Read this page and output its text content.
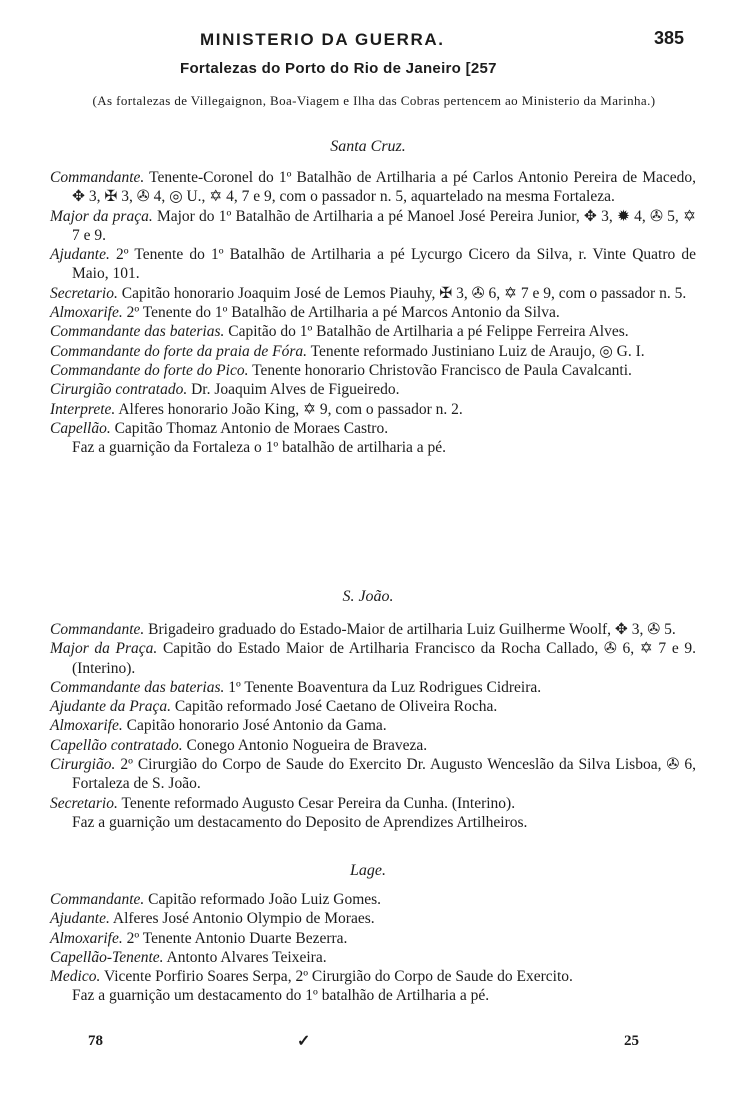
MINISTERIO DA GUERRA.	385
Fortalezas do Porto do Rio de Janeiro [257
(As fortalezas de Villegaignon, Boa-Viagem e Ilha das Cobras pertencem ao Ministerio da Marinha.)
Santa Cruz.

Commandante. Tenente-Coronel do 1º Batalhão de Artilharia a pé Carlos Antonio Pereira de Macedo, ✥ 3, ✠ 3, ✇ 4, ◎ U., ✡ 4, 7 e 9, com o passador n. 5, aquartelado na mesma Fortaleza.

Major da praça. Major do 1º Batalhão de Artilharia a pé Manoel José Pereira Junior, ✥ 3, ✹ 4, ✇ 5, ✡ 7 e 9.

Ajudante. 2º Tenente do 1º Batalhão de Artilharia a pé Lycurgo Cicero da Silva, r. Vinte Quatro de Maio, 101.

Secretario. Capitão honorario Joaquim José de Lemos Piauhy, ✠ 3, ✇ 6, ✡ 7 e 9, com o passador n. 5.

Almoxarife. 2º Tenente do 1º Batalhão de Artilharia a pé Marcos Antonio da Silva.

Commandante das baterias. Capitão do 1º Batalhão de Artilharia a pé Felippe Ferreira Alves.

Commandante do forte da praia de Fóra. Tenente reformado Justiniano Luiz de Araujo, ◎ G. I.

Commandante do forte do Pico. Tenente honorario Christovão Francisco de Paula Cavalcanti.

Cirurgião contratado. Dr. Joaquim Alves de Figueiredo.

Interprete. Alferes honorario João King, ✡ 9, com o passador n. 2.

Capellão. Capitão Thomaz Antonio de Moraes Castro.

Faz a guarnição da Fortaleza o 1º batalhão de artilharia a pé.

S. João.

Commandante. Brigadeiro graduado do Estado-Maior de artilharia Luiz Guilherme Woolf, ✥ 3, ✇ 5.

Major da Praça. Capitão do Estado Maior de Artilharia Francisco da Rocha Callado, ✇ 6, ✡ 7 e 9. (Interino).

Commandante das baterias. 1º Tenente Boaventura da Luz Rodrigues Cidreira.

Ajudante da Praça. Capitão reformado José Caetano de Oliveira Rocha.

Almoxarife. Capitão honorario José Antonio da Gama.

Capellão contratado. Conego Antonio Nogueira de Braveza.

Cirurgião. 2º Cirurgião do Corpo de Saude do Exercito Dr. Augusto Wenceslão da Silva Lisboa, ✇ 6, Fortaleza de S. João.

Secretario. Tenente reformado Augusto Cesar Pereira da Cunha. (Interino).

Faz a guarnição um destacamento do Deposito de Aprendizes Artilheiros.

Lage.

Commandante. Capitão reformado João Luiz Gomes.

Ajudante. Alferes José Antonio Olympio de Moraes.

Almoxarife. 2º Tenente Antonio Duarte Bezerra.

Capellão-Tenente. Antonto Alvares Teixeira.

Medico. Vicente Porfirio Soares Serpa, 2º Cirurgião do Corpo de Saude do Exercito.

Faz a guarnição um destacamento do 1º batalhão de Artilharia a pé.

78	✓	25
